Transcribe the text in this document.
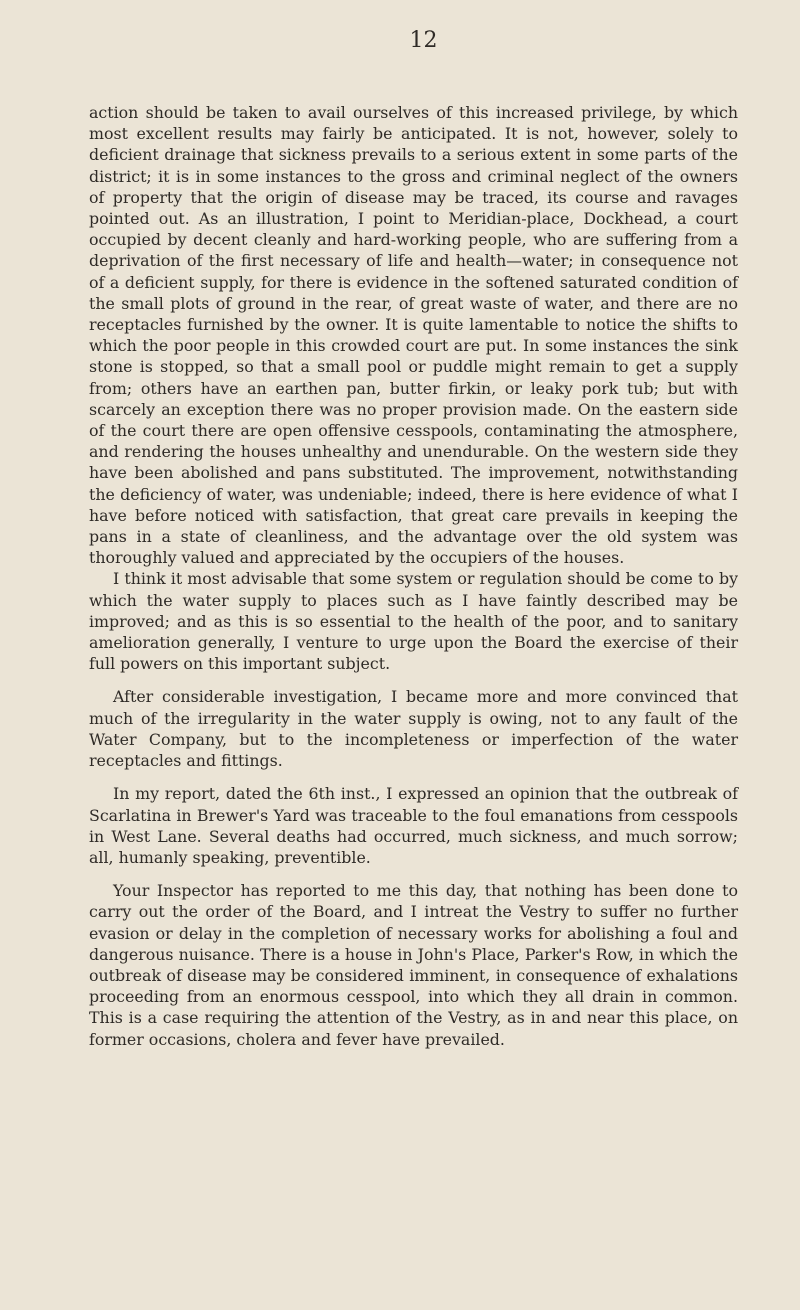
12

action should be taken to avail ourselves of this increased privilege, by which most excellent results may fairly be anticipated. It is not, however, solely to deficient drainage that sickness prevails to a serious extent in some parts of the district; it is in some instances to the gross and criminal neglect of the owners of property that the origin of disease may be traced, its course and ravages pointed out. As an illustration, I point to Meridian-place, Dockhead, a court occupied by decent cleanly and hard-working people, who are suffering from a deprivation of the first necessary of life and health—water; in consequence not of a deficient supply, for there is evidence in the softened saturated condition of the small plots of ground in the rear, of great waste of water, and there are no receptacles furnished by the owner. It is quite lamentable to notice the shifts to which the poor people in this crowded court are put. In some instances the sink stone is stopped, so that a small pool or puddle might remain to get a supply from; others have an earthen pan, butter firkin, or leaky pork tub; but with scarcely an exception there was no proper provision made. On the eastern side of the court there are open offensive cesspools, contaminating the atmosphere, and rendering the houses unhealthy and unendurable. On the western side they have been abolished and pans substituted. The improvement, notwithstanding the deficiency of water, was undeniable; indeed, there is here evidence of what I have before noticed with satisfaction, that great care prevails in keeping the pans in a state of cleanliness, and the advantage over the old system was thoroughly valued and appreciated by the occupiers of the houses.

I think it most advisable that some system or regulation should be come to by which the water supply to places such as I have faintly described may be improved; and as this is so essential to the health of the poor, and to sanitary amelioration generally, I venture to urge upon the Board the exercise of their full powers on this important subject.

After considerable investigation, I became more and more convinced that much of the irregularity in the water supply is owing, not to any fault of the Water Company, but to the incompleteness or imperfection of the water receptacles and fittings.

In my report, dated the 6th inst., I expressed an opinion that the outbreak of Scarlatina in Brewer's Yard was traceable to the foul emanations from cesspools in West Lane. Several deaths had occurred, much sickness, and much sorrow; all, humanly speaking, preventible.

Your Inspector has reported to me this day, that nothing has been done to carry out the order of the Board, and I intreat the Vestry to suffer no further evasion or delay in the completion of necessary works for abolishing a foul and dangerous nuisance. There is a house in John's Place, Parker's Row, in which the outbreak of disease may be considered imminent, in consequence of exhalations proceeding from an enormous cesspool, into which they all drain in common. This is a case requiring the attention of the Vestry, as in and near this place, on former occasions, cholera and fever have prevailed.
